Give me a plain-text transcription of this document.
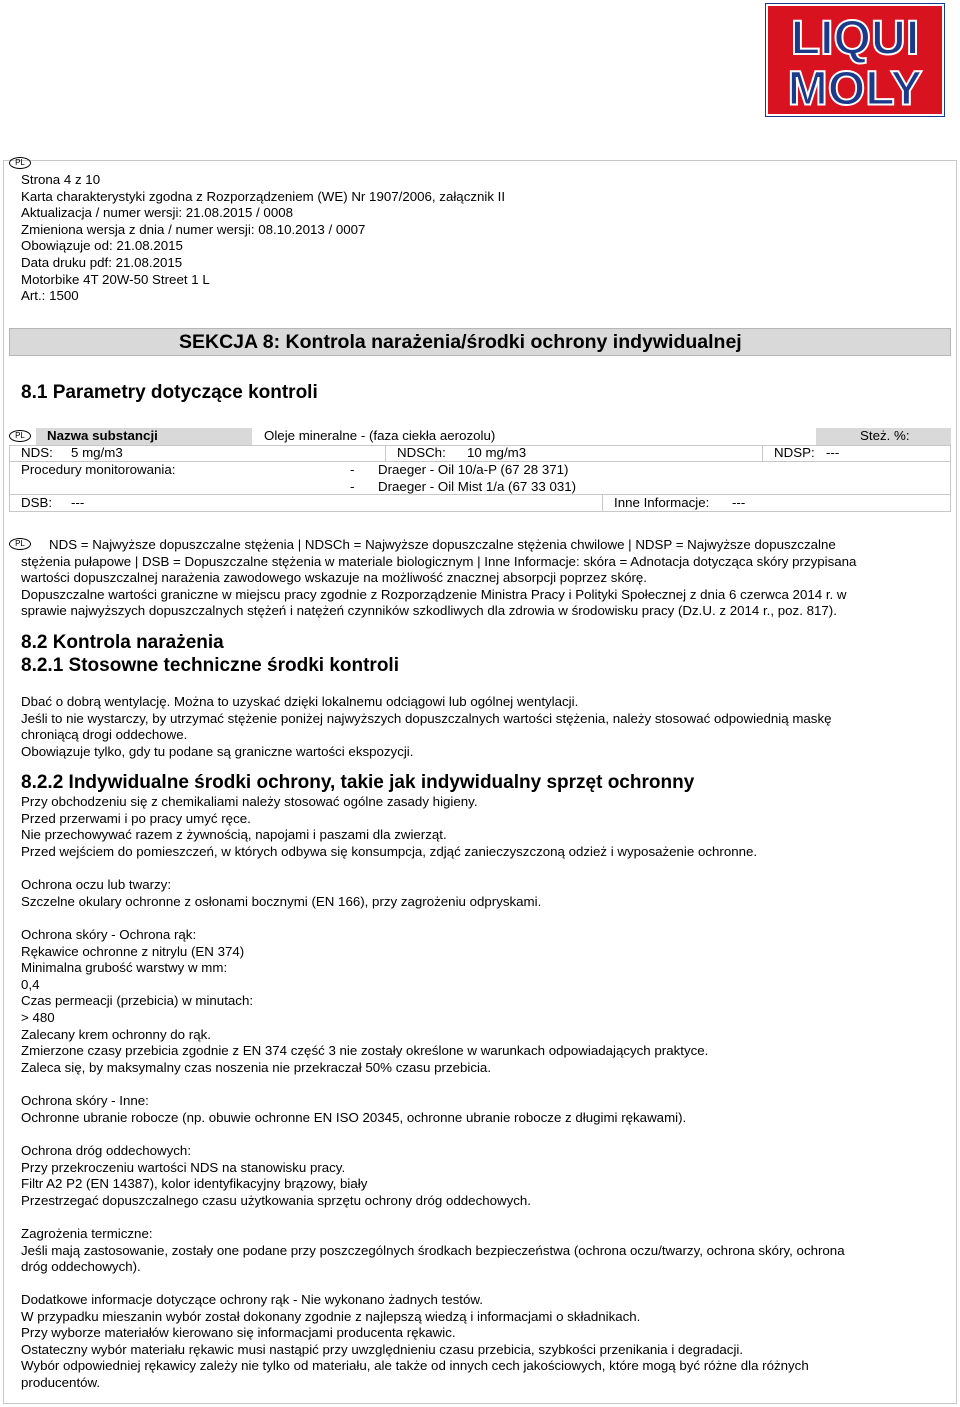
LIQUI
MOLY
PL
Strona 4 z 10
Karta charakterystyki zgodna z Rozporządzeniem (WE) Nr 1907/2006, załącznik II
Aktualizacja / numer wersji: 21.08.2015 / 0008
Zmieniona wersja z dnia / numer wersji: 08.10.2013 / 0007
Obowiązuje od: 21.08.2015
Data druku pdf: 21.08.2015
Motorbike 4T 20W-50 Street 1 L
Art.: 1500
SEKCJA 8: Kontrola narażenia/środki ochrony indywidualnej
8.1 Parametry dotyczące kontroli
PL	Nazwa substancji	Oleje mineralne - (faza ciekła aerozolu)	Steż. %:
NDS: 5 mg/m3	NDSCh: 10 mg/m3	NDSP: ---
Procedury monitorowania:	- Draeger - Oil 10/a-P (67 28 371)
- Draeger - Oil Mist 1/a (67 33 031)
DSB: ---	Inne Informacje: ---
PL	NDS = Najwyższe dopuszczalne stężenia | NDSCh = Najwyższe dopuszczalne stężenia chwilowe | NDSP = Najwyższe dopuszczalne
stężenia pułapowe | DSB = Dopuszczalne stężenia w materiale biologicznym | Inne Informacje: skóra = Adnotacja dotycząca skóry przypisana
wartości dopuszczalnej narażenia zawodowego wskazuje na możliwość znacznej absorpcji poprzez skórę.
Dopuszczalne wartości graniczne w miejscu pracy zgodnie z Rozporządzenie Ministra Pracy i Polityki Społecznej z dnia 6 czerwca 2014 r. w
sprawie najwyższych dopuszczalnych stężeń i natężeń czynników szkodliwych dla zdrowia w środowisku pracy (Dz.U. z 2014 r., poz. 817).
8.2 Kontrola narażenia
8.2.1 Stosowne techniczne środki kontroli
Dbać o dobrą wentylację. Można to uzyskać dzięki lokalnemu odciągowi lub ogólnej wentylacji.
Jeśli to nie wystarczy, by utrzymać stężenie poniżej najwyższych dopuszczalnych wartości stężenia, należy stosować odpowiednią maskę
chroniącą drogi oddechowe.
Obowiązuje tylko, gdy tu podane są graniczne wartości ekspozycji.
8.2.2 Indywidualne środki ochrony, takie jak indywidualny sprzęt ochronny
Przy obchodzeniu się z chemikaliami należy stosować ogólne zasady higieny.
Przed przerwami i po pracy umyć ręce.
Nie przechowywać razem z żywnością, napojami i paszami dla zwierząt.
Przed wejściem do pomieszczeń, w których odbywa się konsumpcja, zdjąć zanieczyszczoną odzież i wyposażenie ochronne.
Ochrona oczu lub twarzy:
Szczelne okulary ochronne z osłonami bocznymi (EN 166), przy zagrożeniu odpryskami.
Ochrona skóry - Ochrona rąk:
Rękawice ochronne z nitrylu (EN 374)
Minimalna grubość warstwy w mm:
0,4
Czas permeacji (przebicia) w minutach:
> 480
Zalecany krem ochronny do rąk.
Zmierzone czasy przebicia zgodnie z EN 374 część 3 nie zostały określone w warunkach odpowiadających praktyce.
Zaleca się, by maksymalny czas noszenia nie przekraczał 50% czasu przebicia.
Ochrona skóry - Inne:
Ochronne ubranie robocze (np. obuwie ochronne EN ISO 20345, ochronne ubranie robocze z długimi rękawami).
Ochrona dróg oddechowych:
Przy przekroczeniu wartości NDS na stanowisku pracy.
Filtr A2 P2 (EN 14387), kolor identyfikacyjny brązowy, biały
Przestrzegać dopuszczalnego czasu użytkowania sprzętu ochrony dróg oddechowych.
Zagrożenia termiczne:
Jeśli mają zastosowanie, zostały one podane przy poszczególnych środkach bezpieczeństwa (ochrona oczu/twarzy, ochrona skóry, ochrona
dróg oddechowych).
Dodatkowe informacje dotyczące ochrony rąk - Nie wykonano żadnych testów.
W przypadku mieszanin wybór został dokonany zgodnie z najlepszą wiedzą i informacjami o składnikach.
Przy wyborze materiałów kierowano się informacjami producenta rękawic.
Ostateczny wybór materiału rękawic musi nastąpić przy uwzględnieniu czasu przebicia, szybkości przenikania i degradacji.
Wybór odpowiedniej rękawicy zależy nie tylko od materiału, ale także od innych cech jakościowych, które mogą być różne dla różnych
producentów.
